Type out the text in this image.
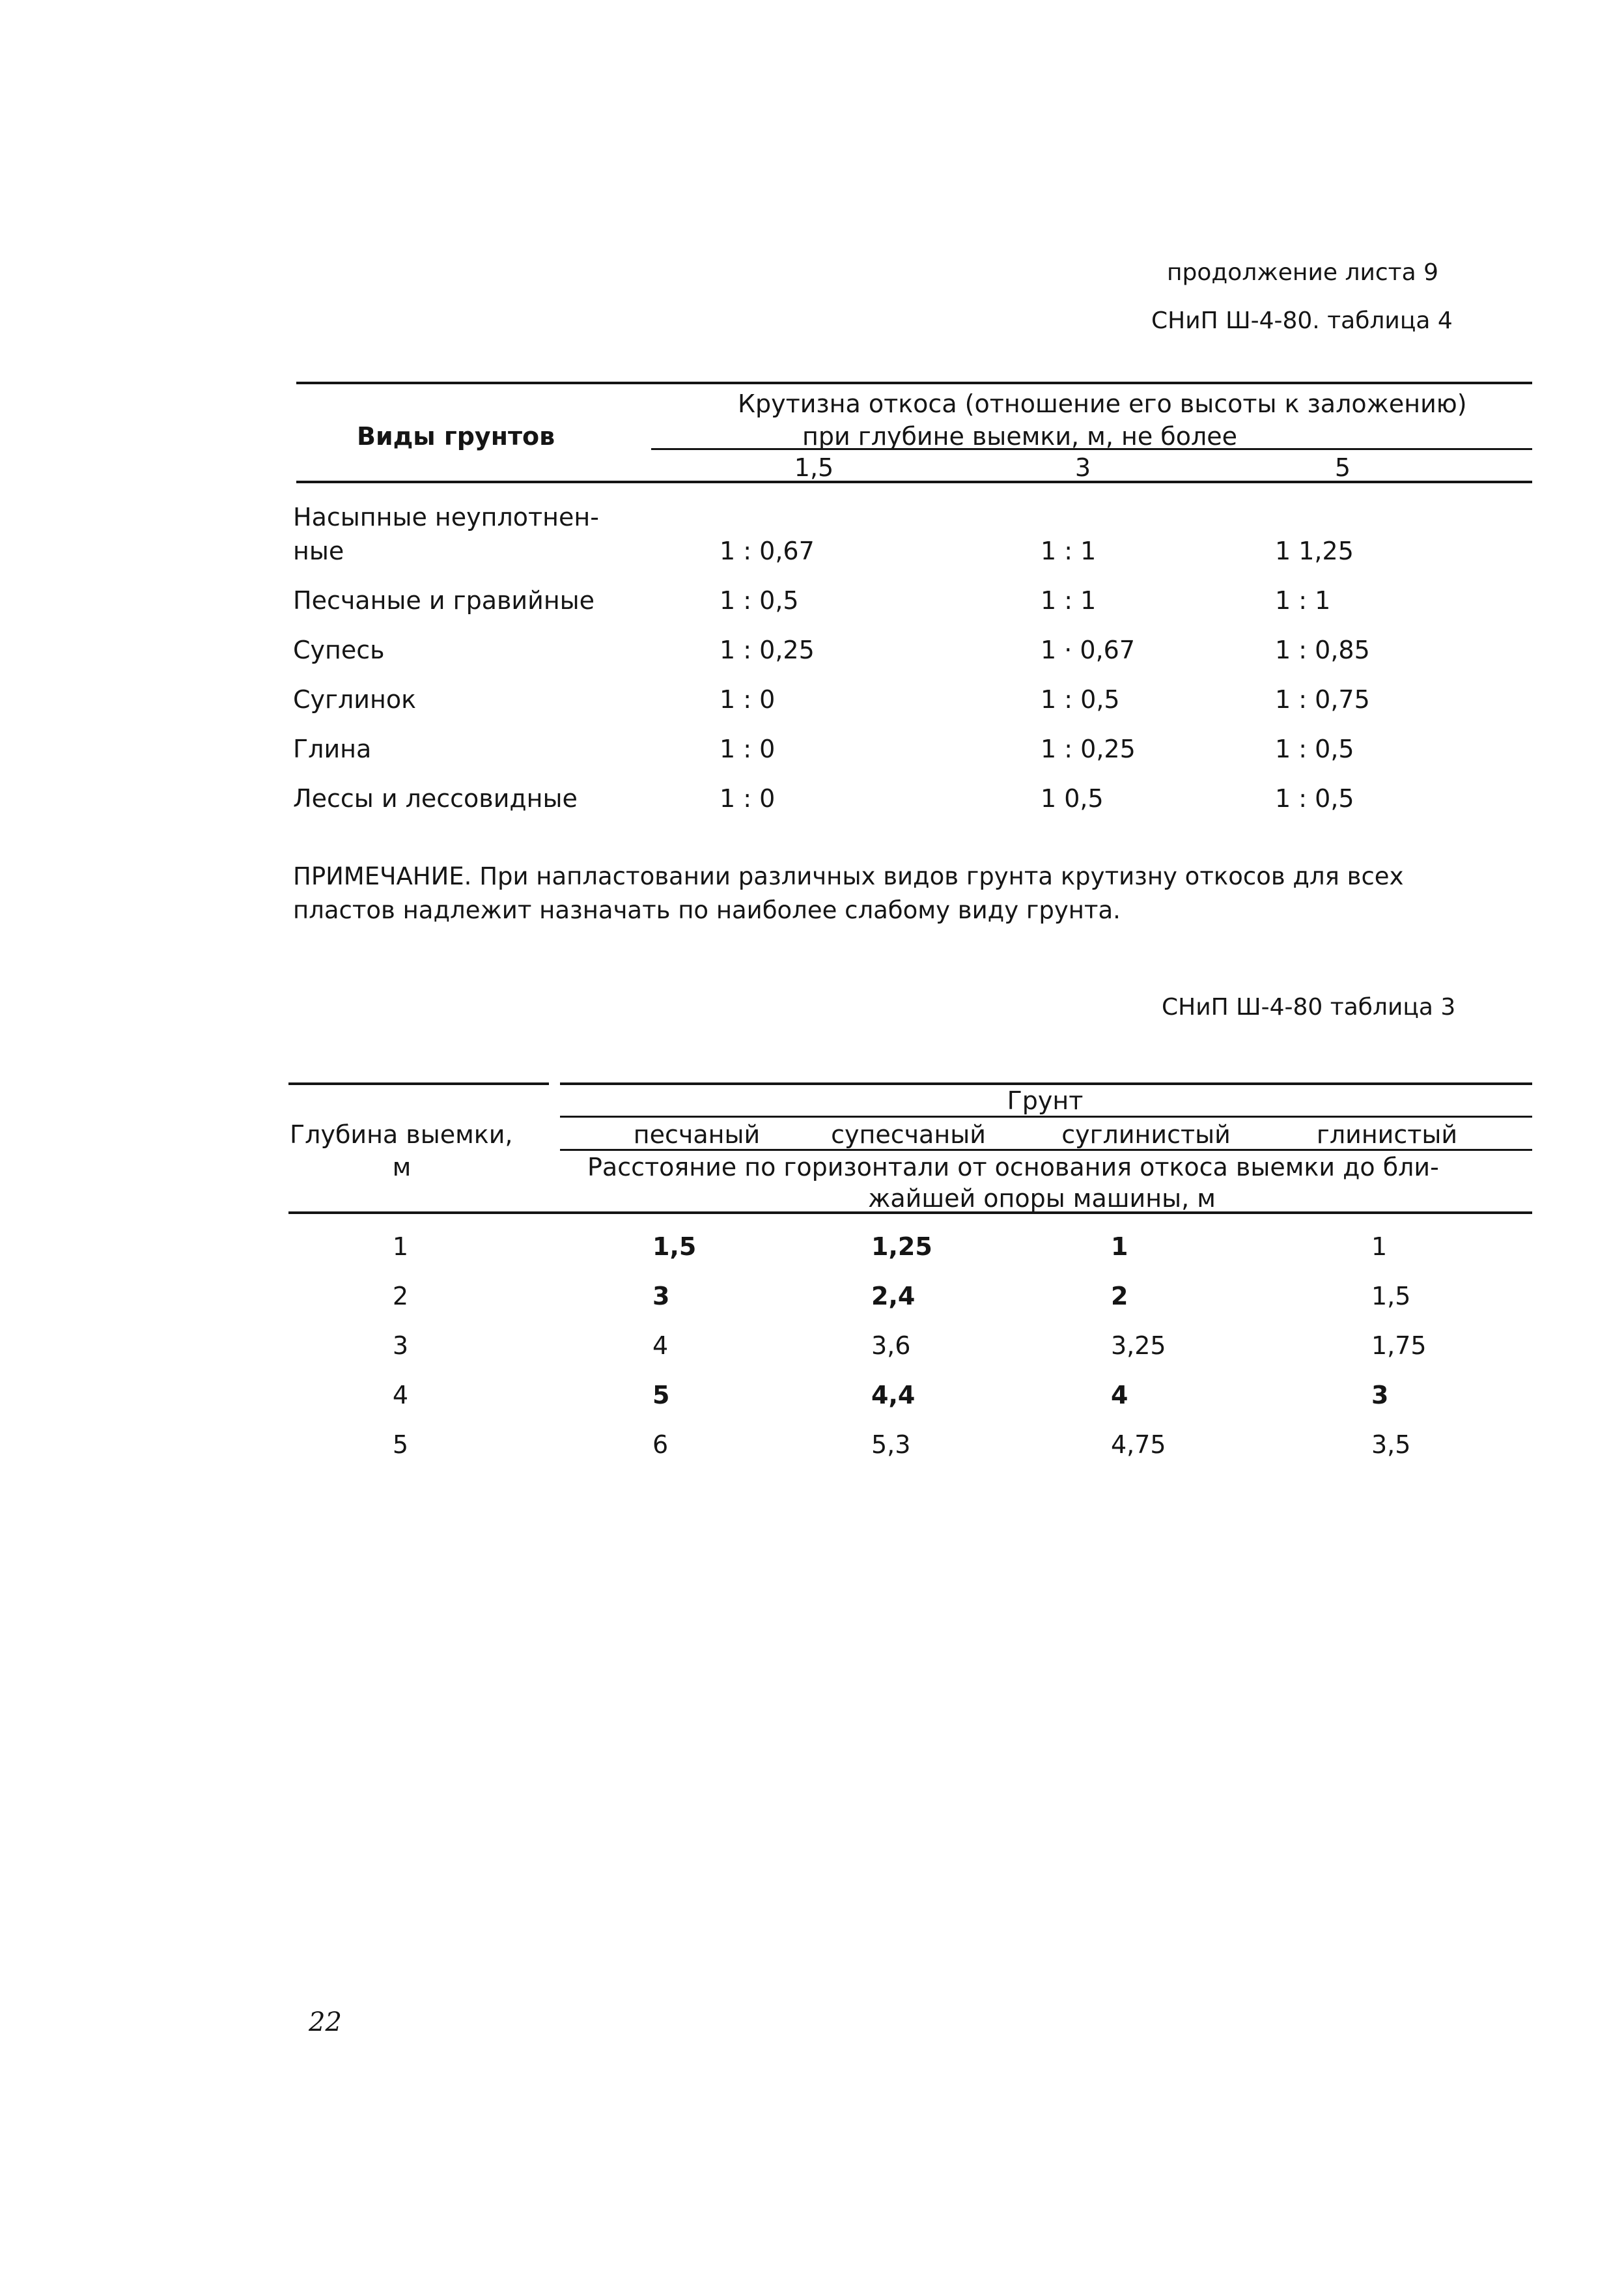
продолжение листа 9
СНиП Ш-4-80. таблица 4
Виды грунтов
Крутизна откоса (отношение его высоты к заложению)
при глубине выемки, м, не более
1,5	3	5
Насыпные неуплотнен-
ные	1 : 0,67	1 : 1	1 1,25
Песчаные и гравийные	1 : 0,5	1 : 1	1 : 1
Супесь	1 : 0,25	1 · 0,67	1 : 0,85
Суглинок	1 : 0	1 : 0,5	1 : 0,75
Глина	1 : 0	1 : 0,25	1 : 0,5
Лессы и лессовидные	1 : 0	1 0,5	1 : 0,5
ПРИМЕЧАНИЕ. При напластовании различных видов грунта крутизну откосов для всех
пластов надлежит назначать по наиболее слабому виду грунта.
СНиП Ш-4-80 таблица 3
Грунт
Глубина выемки,
м
песчаный	супесчаный	суглинистый	глинистый
Расстояние по горизонтали от основания откоса выемки до бли-
жайшей опоры машины, м
1	1,5	1,25	1	1
2	3	2,4	2	1,5
3	4	3,6	3,25	1,75
4	5	4,4	4	3
5	6	5,3	4,75	3,5
22
